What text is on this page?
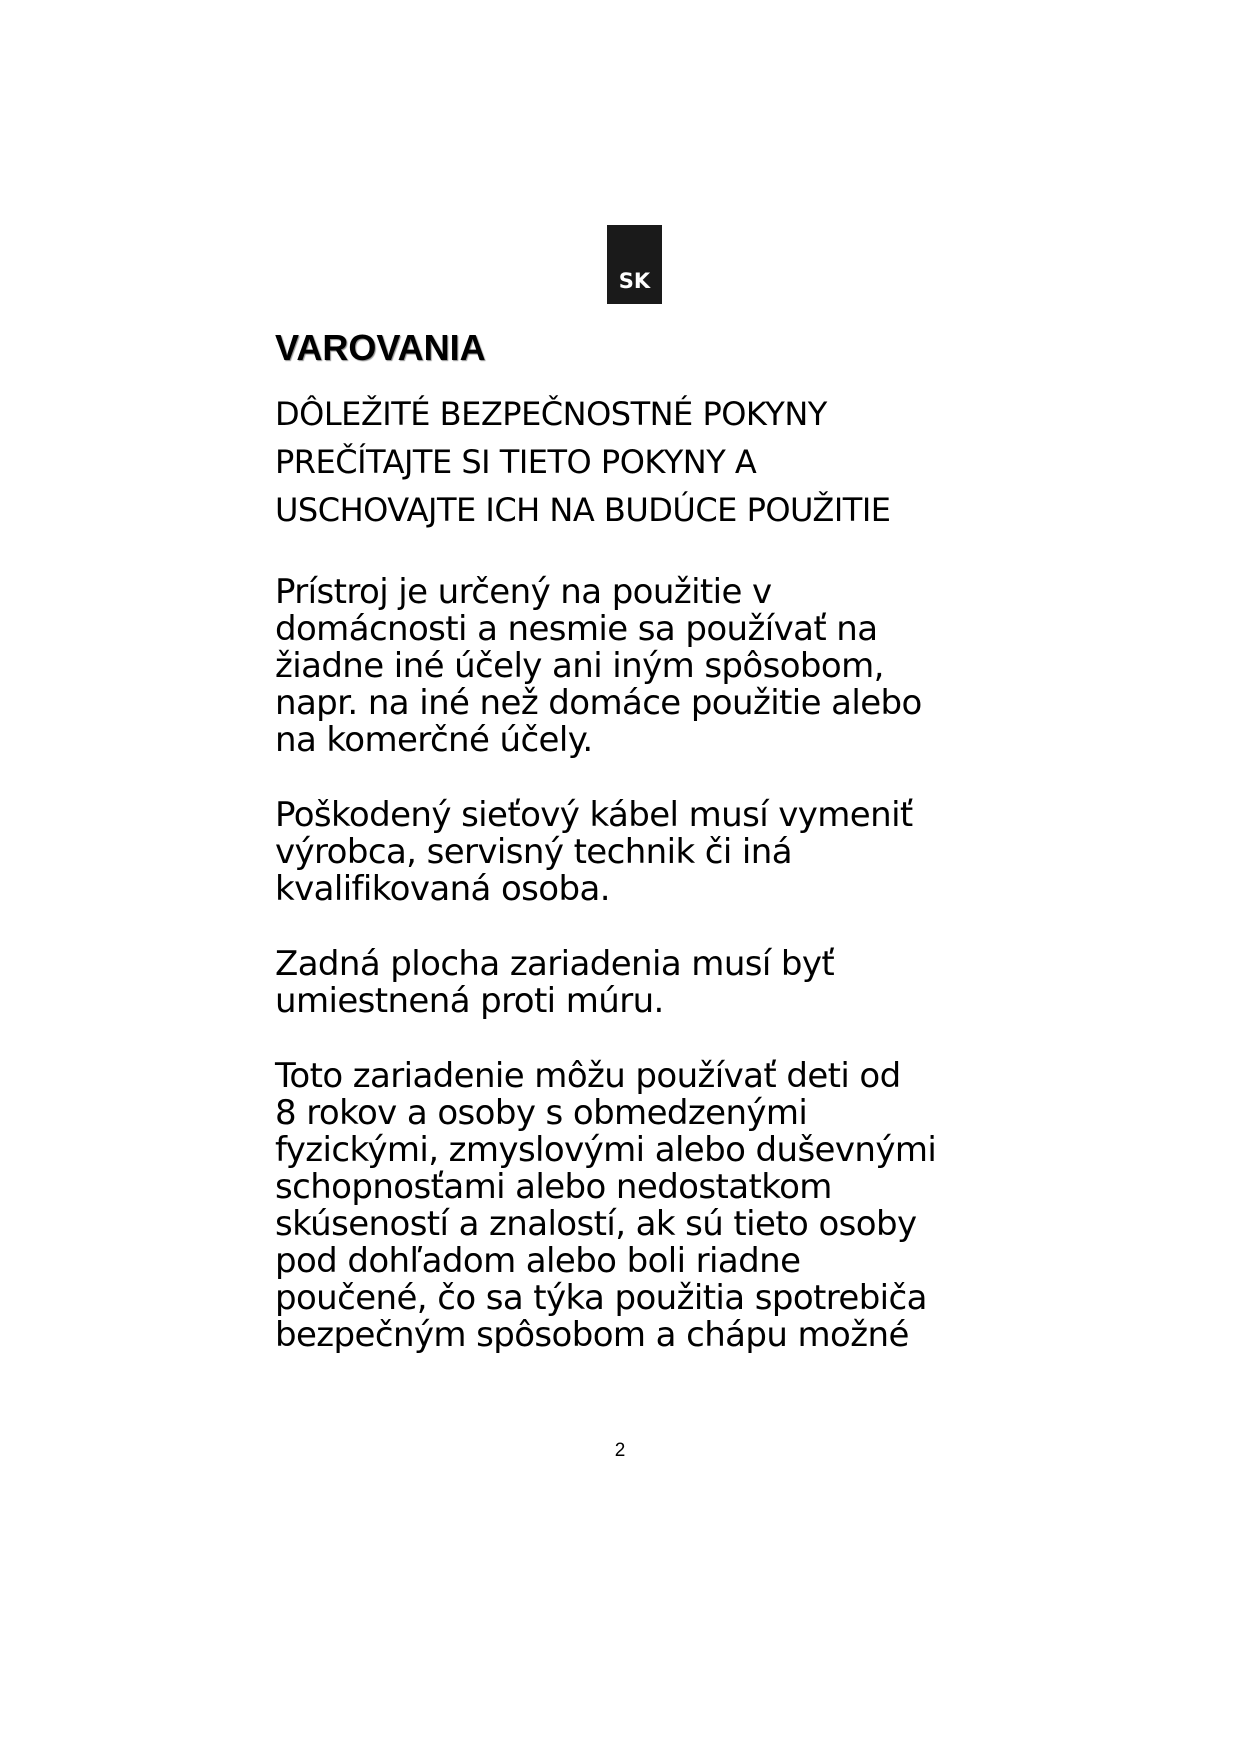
SK
VAROVANIA
DÔLEŽITÉ BEZPEČNOSTNÉ POKYNY
PREČÍTAJTE SI TIETO POKYNY A
USCHOVAJTE ICH NA BUDÚCE POUŽITIE

Prístroj je určený na použitie v
domácnosti a nesmie sa používať na
žiadne iné účely ani iným spôsobom,
napr. na iné než domáce použitie alebo
na komerčné účely.

Poškodený sieťový kábel musí vymeniť
výrobca, servisný technik či iná
kvalifikovaná osoba.

Zadná plocha zariadenia musí byť
umiestnená proti múru.

Toto zariadenie môžu používať deti od
8 rokov a osoby s obmedzenými
fyzickými, zmyslovými alebo duševnými
schopnosťami alebo nedostatkom
skúseností a znalostí, ak sú tieto osoby
pod dohľadom alebo boli riadne
poučené, čo sa týka použitia spotrebiča
bezpečným spôsobom a chápu možné

2
